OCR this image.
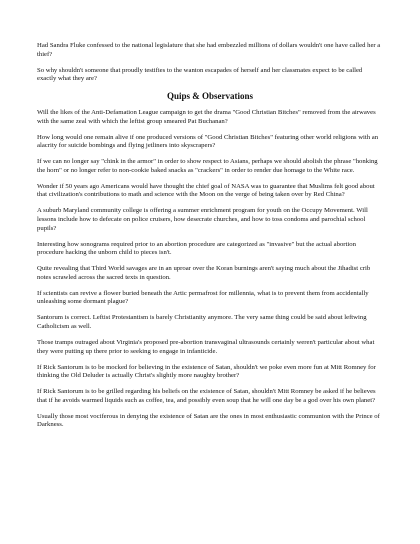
Had Sandra Fluke confessed to the national legislature that she had embezzled millions of dollars wouldn't one have called her a thief?

So why shouldn't someone that proudly testifies to the wanton escapades of herself and her classmates expect to be called exactly what they are?

Quips & Observations

Will the likes of the Anti-Defamation League campaign to get the drama "Good Christian Bitches" removed from the airwaves with the same zeal with which the leftist group smeared Pat Buchanan?

How long would one remain alive if one produced versions of "Good Christian Bitches" featuring other world religions with an alacrity for suicide bombings and flying jetliners into skyscrapers?

If we can no longer say "chink in the armor" in order to show respect to Asians, perhaps we should abolish the phrase "honking the horn" or no longer refer to non-cookie baked snacks as "crackers" in order to render due homage to the White race.

Wonder if 50 years ago Americans would have thought the chief goal of NASA was to guarantee that Muslims felt good about that civilization's contributions to math and science with the Moon on the verge of being taken over by Red China?

A suburb Maryland community college is offering a summer enrichment program for youth on the Occupy Movement. Will lessons include how to defecate on police cruisers, how desecrate churches, and how to toss condoms and parochial school pupils?

Interesting how sonograms required prior to an abortion procedure are categorized as "invasive" but the actual abortion procedure hacking the unborn child to pieces isn't.

Quite revealing that Third World savages are in an uproar over the Koran burnings aren't saying much about the Jihadist crib notes scrawled across the sacred texts in question.

If scientists can revive a flower buried beneath the Artic permafrost for millennia, what is to prevent them from accidentally unleashing some dormant plague?

Santorum is correct. Leftist Protestantism is barely Christianity anymore. The very same thing could be said about leftwing Catholicism as well.

Those tramps outraged about Virginia's proposed pre-abortion transvaginal ultrasounds certainly weren't particular about what they were putting up there prior to seeking to engage in infanticide.

If Rick Santorum is to be mocked for believing in the existence of Satan, shouldn't we poke even more fun at Mitt Romney for thinking the Old Deluder is actually Christ's slightly more naughty brother?

If Rick Santorum is to be grilled regarding his beliefs on the existence of Satan, shouldn't Mitt Romney be asked if he believes that if he avoids warmed liquids such as coffee, tea, and possibly even soup that he will one day be a god over his own planet?

Usually those most vociferous in denying the existence of Satan are the ones in most enthusiastic communion with the Prince of Darkness.
